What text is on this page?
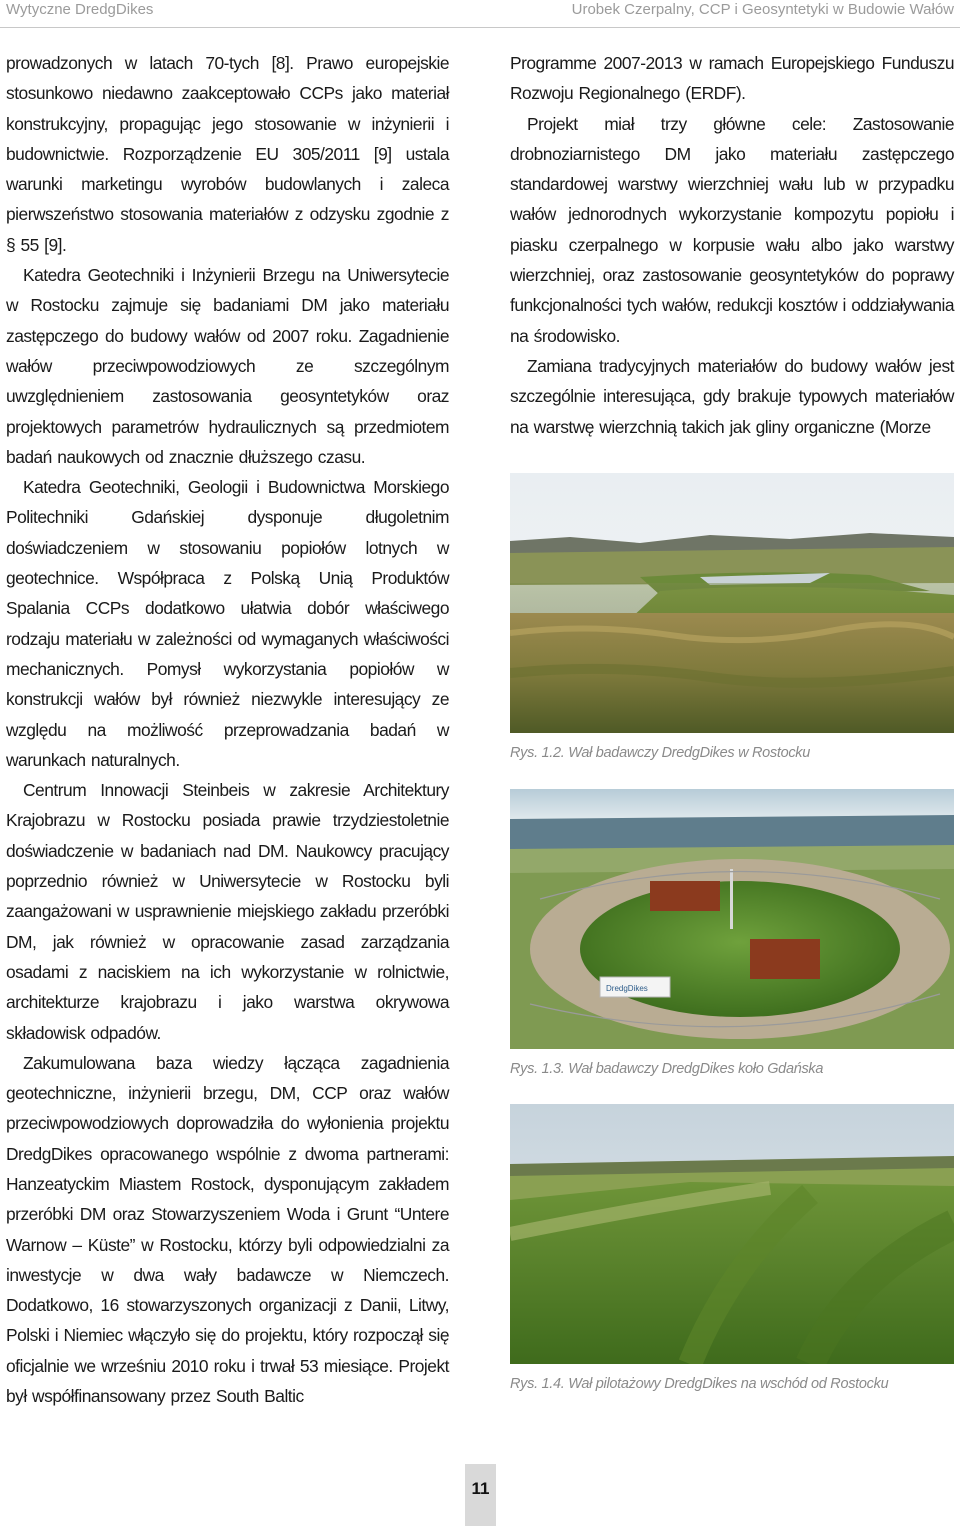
Wytyczne DredgDikes	Urobek Czerpalny, CCP i Geosyntetyki w Budowie Wałów

prowadzonych w latach 70-tych [8]. Prawo europejskie stosunkowo niedawno zaakceptowało CCPs jako materiał konstrukcyjny, propagując jego stosowanie w inżynierii i budownictwie. Rozporządzenie EU 305/2011 [9] ustala warunki marketingu wyrobów budowlanych i zaleca pierwszeństwo stosowania materiałów z odzysku zgodnie z § 55 [9].

Katedra Geotechniki i Inżynierii Brzegu na Uniwersytecie w Rostocku zajmuje się badaniami DM jako materiału zastępczego do budowy wałów od 2007 roku. Zagadnienie wałów przeciwpowodziowych ze szczególnym uwzględnieniem zastosowania geosyntetyków oraz projektowych parametrów hydraulicznych są przedmiotem badań naukowych od znacznie dłuższego czasu.

Katedra Geotechniki, Geologii i Budownictwa Morskiego Politechniki Gdańskiej dysponuje długoletnim doświadczeniem w stosowaniu popiołów lotnych w geotechnice. Współpraca z Polską Unią Produktów Spalania CCPs dodatkowo ułatwia dobór właściwego rodzaju materiału w zależności od wymaganych właściwości mechanicznych. Pomysł wykorzystania popiołów w konstrukcji wałów był również niezwykle interesujący ze względu na możliwość przeprowadzania badań w warunkach naturalnych.

Centrum Innowacji Steinbeis w zakresie Architektury Krajobrazu w Rostocku posiada prawie trzydziestoletnie doświadczenie w badaniach nad DM. Naukowcy pracujący poprzednio również w Uniwersytecie w Rostocku byli zaangażowani w usprawnienie miejskiego zakładu przeróbki DM, jak również w opracowanie zasad zarządzania osadami z naciskiem na ich wykorzystanie w rolnictwie, architekturze krajobrazu i jako warstwa okrywowa składowisk odpadów.

Zakumulowana baza wiedzy łącząca zagadnienia geotechniczne, inżynierii brzegu, DM, CCP oraz wałów przeciwpowodziowych doprowadziła do wyłonienia projektu DredgDikes opracowanego wspólnie z dwoma partnerami: Hanzeatyckim Miastem Rostock, dysponującym zakładem przeróbki DM oraz Stowarzyszeniem Woda i Grunt “Untere Warnow – Küste” w Rostocku, którzy byli odpowiedzialni za inwestycje w dwa wały badawcze w Niemczech. Dodatkowo, 16 stowarzyszonych organizacji z Danii, Litwy, Polski i Niemiec włączyło się do projektu, który rozpoczął się oficjalnie we wrześniu 2010 roku i trwał 53 miesiące. Projekt był współfinansowany przez South Baltic

Programme 2007-2013 w ramach Europejskiego Funduszu Rozwoju Regionalnego (ERDF).

Projekt miał trzy główne cele: Zastosowanie drobnoziarnistego DM jako materiału zastępczego standardowej warstwy wierzchniej wału lub w przypadku wałów jednorodnych wykorzystanie kompozytu popiołu i piasku czerpalnego w korpusie wału albo jako warstwy wierzchniej, oraz zastosowanie geosyntetyków do poprawy funkcjonalności tych wałów, redukcji kosztów i oddziaływania na środowisko.

Zamiana tradycyjnych materiałów do budowy wałów jest szczególnie interesująca, gdy brakuje typowych materiałów na warstwę wierzchnią takich jak gliny organiczne (Morze

Rys. 1.2. Wał badawczy DredgDikes w Rostocku
DredgDikes
Rys. 1.3. Wał badawczy DredgDikes koło Gdańska
Rys. 1.4. Wał pilotażowy DredgDikes na wschód od Rostocku
11
